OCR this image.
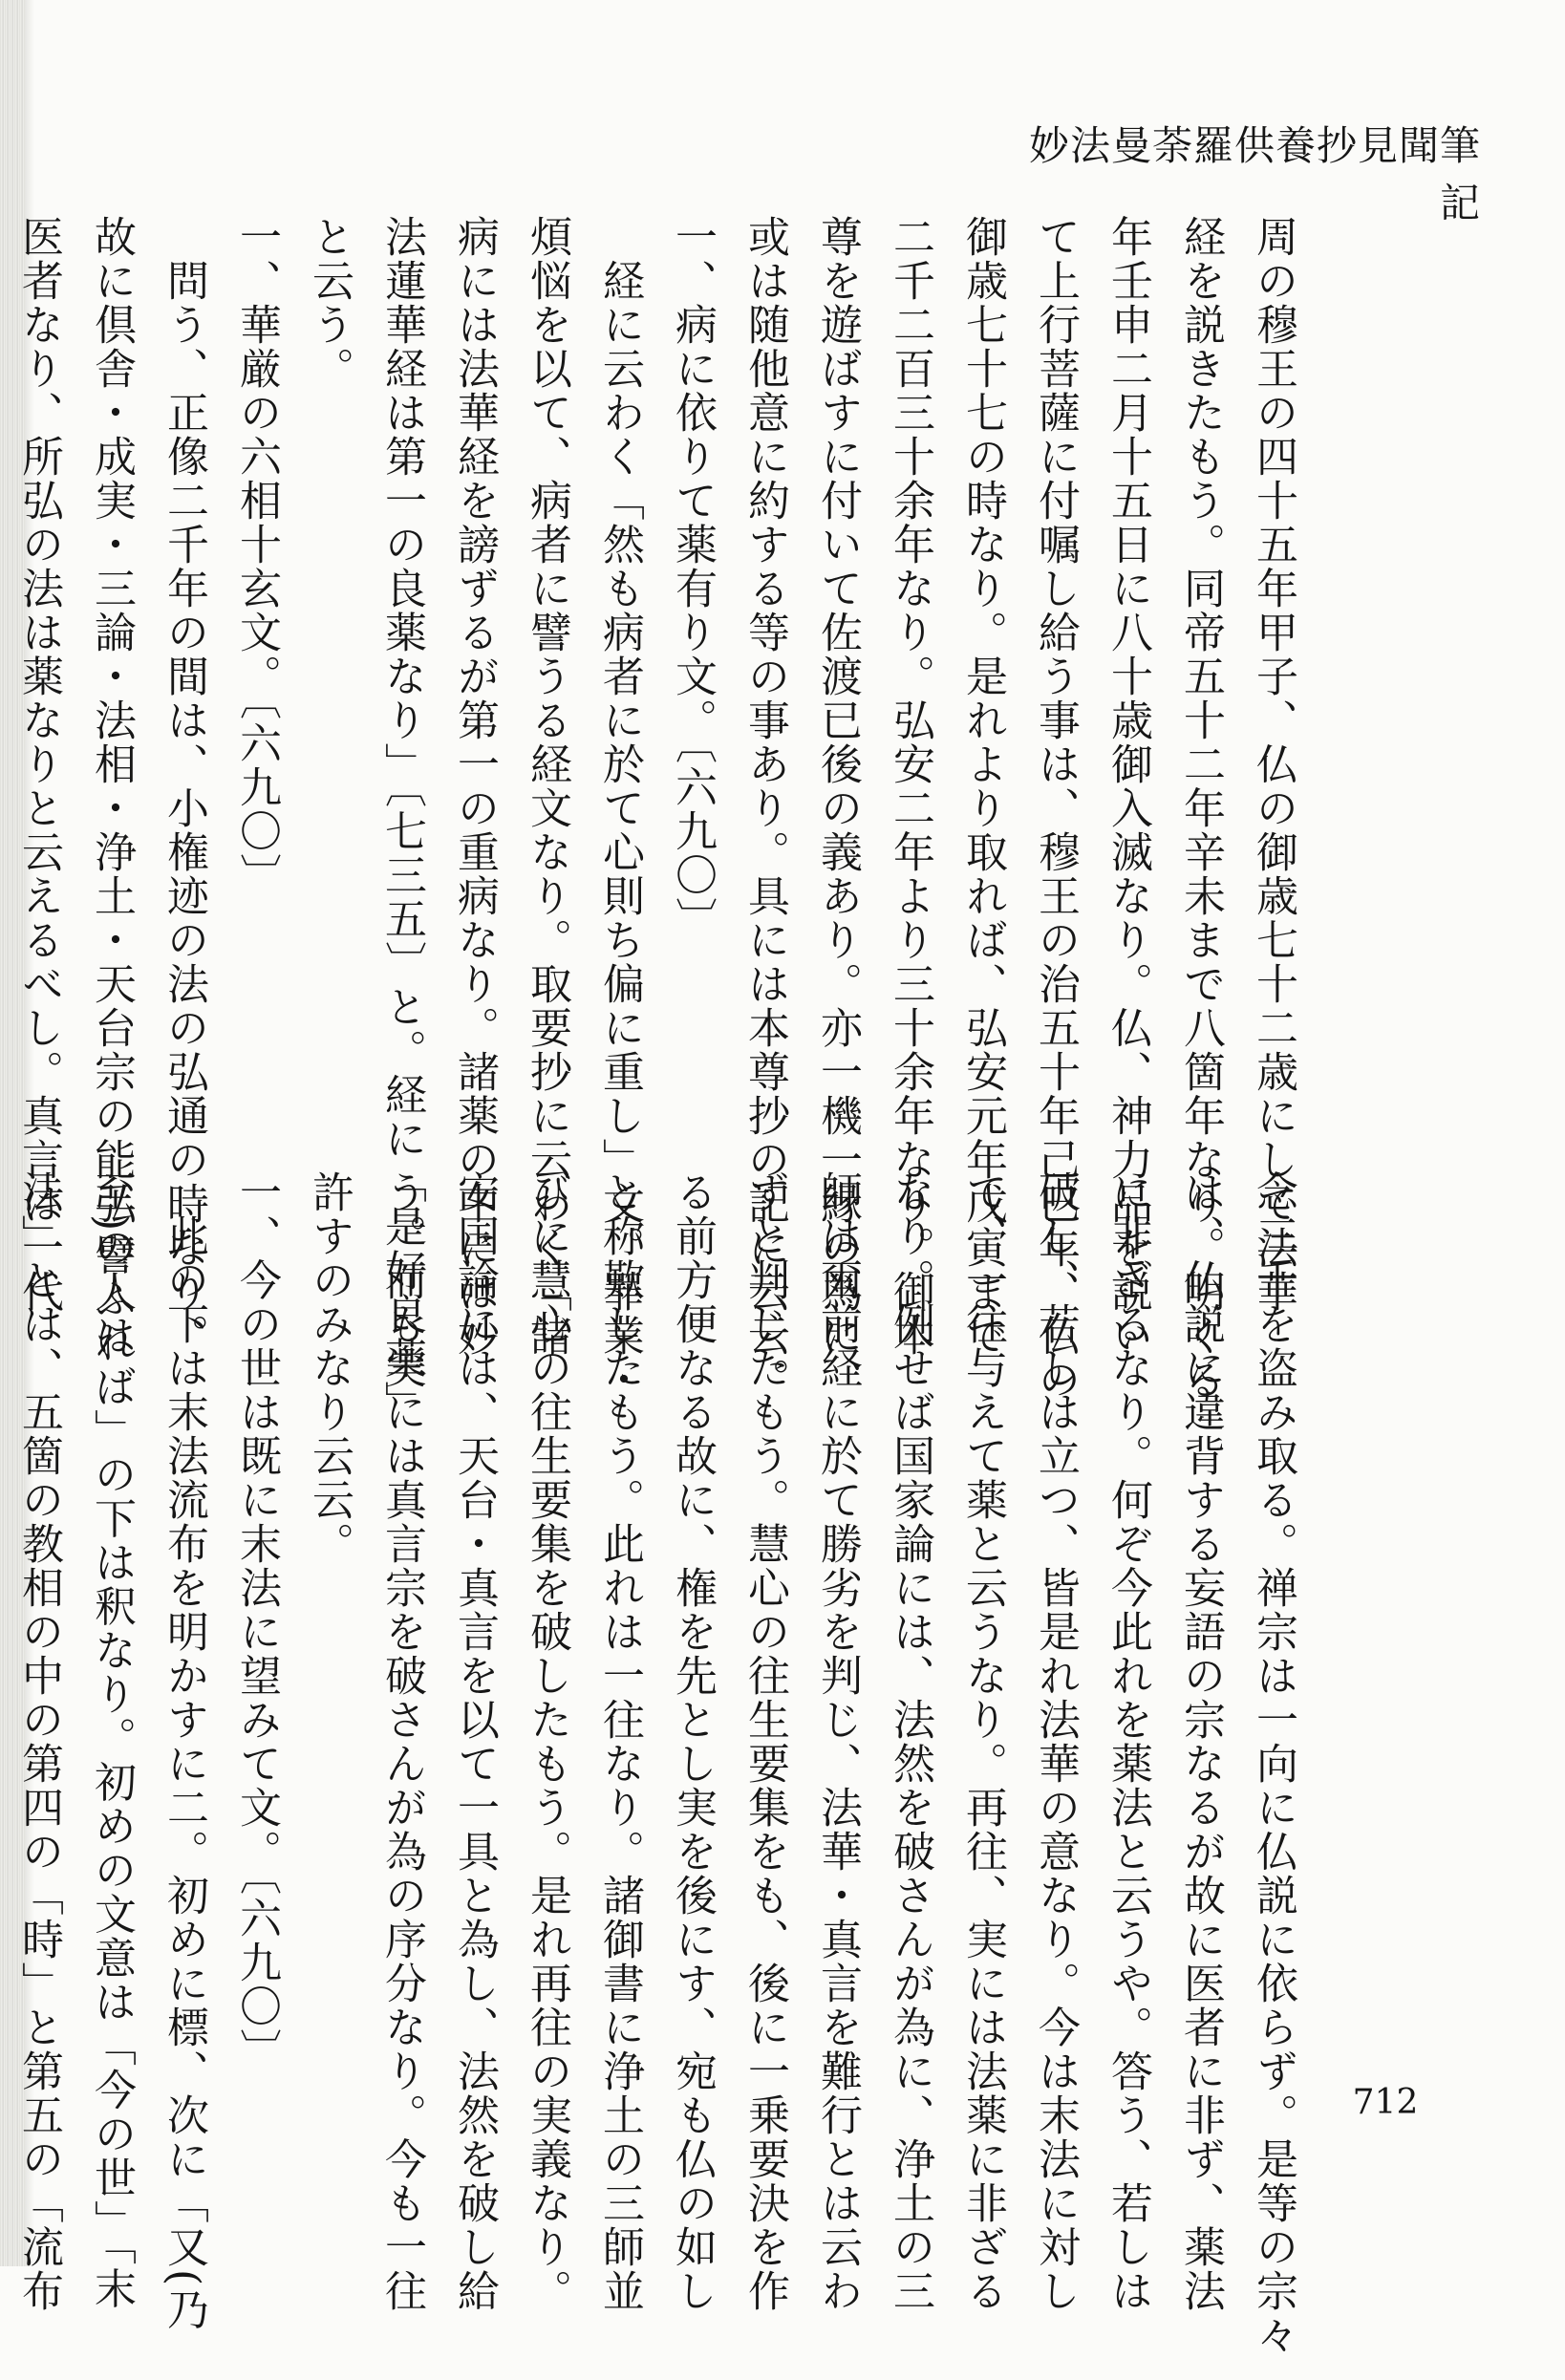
妙法曼荼羅供養抄見聞筆記

周の穆王の四十五年甲子、仏の御歳七十二歳にして法華

経を説きたもう。同帝五十二年辛未まで八箇年なり。明くる

年壬申二月十五日に八十歳御入滅なり。仏、神力品を説い

て上行菩薩に付嘱し給う事は、穆王の治五十年己巳年、仏の

御歳七十七の時なり。是れより取れば、弘安元年戊寅まで

二千二百三十余年なり。弘安二年より三十余年なり。御本

尊を遊ばすに付いて佐渡已後の義あり。亦一機一縁の為に、

或は随他意に約する等の事あり。具には本尊抄の記に云云。

一、病に依りて薬有り文。〔六九〇〕

　経に云わく「然も病者に於て心則ち偏に重し」文。罪業・

煩悩を以て、病者に譬うる経文なり。取要抄に云わく「諸

病には法華経を謗ずるが第一の重病なり。諸薬の中には妙

法蓮華経は第一の良薬なり」〔七三五〕と。経に「是好良薬」

と云う。

一、華厳の六相十玄文。〔六九〇〕

　問う、正像二千年の間は、小権迹の法の弘通の時なり。

故に倶舎・成実・三論・法相・浄土・天台宗の能弘の人は

医者なり、所弘の法は薬なりと云えるべし。真言は一代

念三千を盗み取る。禅宗は一向に仏説に依らず。是等の宗々

は、仏説に違背する妄語の宗なるが故に医者に非ず、薬法

に非ざるなり。何ぞ今此れを薬法と云うや。答う、若しは

破し、若しは立つ、皆是れ法華の意なり。今は末法に対し

て、一往与えて薬と云うなり。再往、実には法薬に非ざる

なり。例せば国家論には、法然を破さんが為に、浄土の三

師は爾前経に於て勝劣を判じ、法華・真言を難行とは云わ

ずと判じたもう。慧心の往生要集をも、後に一乗要決を作

る前方便なる故に、権を先とし実を後にす、宛も仏の如し

と称歎したもう。此れは一往なり。諸御書に浄土の三師並

びに慧心の往生要集を破したもう。是れ再往の実義なり。

安国論には、天台・真言を以て一具と為し、法然を破し給

う。而も実には真言宗を破さんが為の序分なり。今も一往

許すのみなり云云。

一、今の世は既に末法に望みて文。〔六九〇〕

　此の下は末法流布を明かすに二。初めに標、次に「又(乃

至)譬ふれば」の下は釈なり。初めの文意は「今の世」「末

法」とは、五箇の教相の中の第四の「時」と第五の「流布	712
